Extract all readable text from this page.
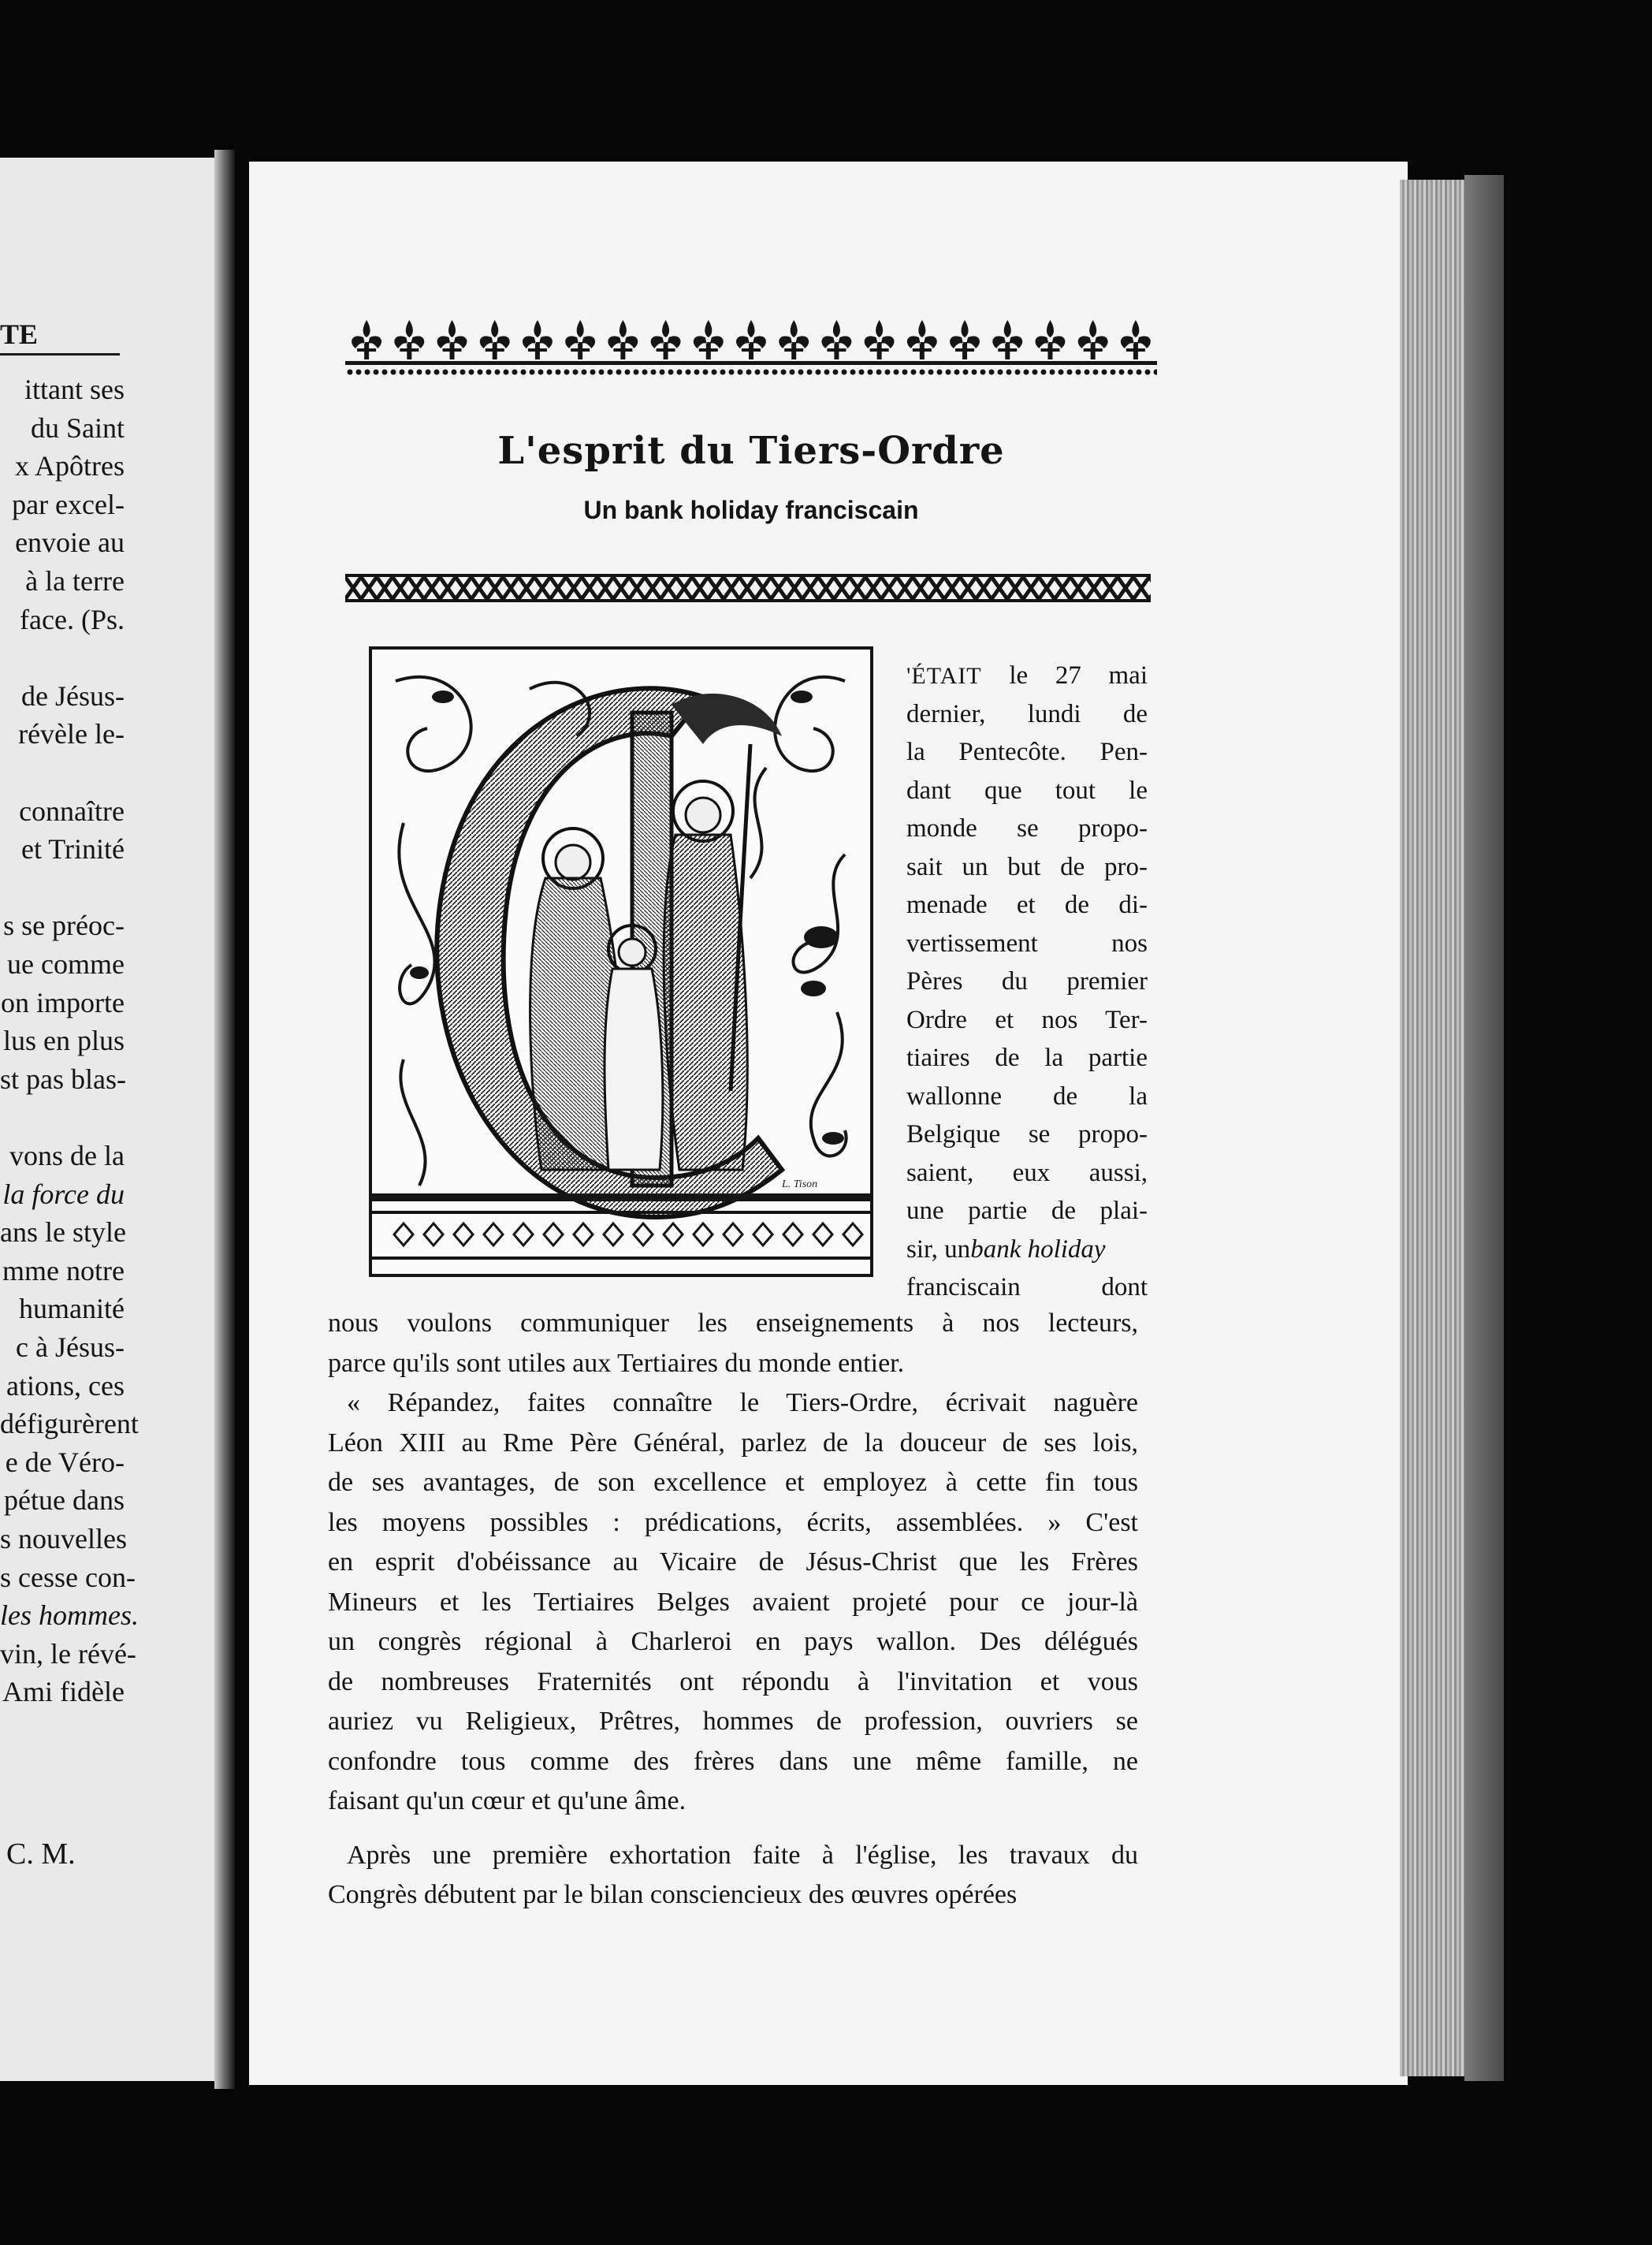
TE
ittant ses
du Saint
x Apôtres
par excel-
envoie au
à la terre
face. (Ps.
de Jésus-
révèle le-
connaître
et Trinité
s se préoc-
ue comme
on importe
lus en plus
st pas blas-
vons de la
la force du
ans le style
mme notre
humanité
c à Jésus-
ations, ces
défigurèrent
e de Véro-
pétue dans
s nouvelles
s cesse con-
les hommes.
vin, le révé-
Ami fidèle
C. M.
L'esprit du Tiers-Ordre
Un bank holiday franciscain
L. Tison
'ÉTAIT le 27 mai
dernier, lundi de
la Pentecôte. Pen-
dant que tout le
monde se propo-
sait un but de pro-
menade et de di-
vertissement nos
Pères du premier
Ordre et nos Ter-
tiaires de la partie
wallonne de la
Belgique se propo-
saient, eux aussi,
une partie de plai-
sir, unbank holiday
franciscain dont
nous voulons communiquer les enseignements à nos lecteurs,
parce qu'ils sont utiles aux Tertiaires du monde entier.
« Répandez, faites connaître le Tiers-Ordre, écrivait naguère
Léon XIII au Rme Père Général, parlez de la douceur de ses lois,
de ses avantages, de son excellence et employez à cette fin tous
les moyens possibles : prédications, écrits, assemblées. » C'est
en esprit d'obéissance au Vicaire de Jésus-Christ que les Frères
Mineurs et les Tertiaires Belges avaient projeté pour ce jour-là
un congrès régional à Charleroi en pays wallon. Des délégués
de nombreuses Fraternités ont répondu à l'invitation et vous
auriez vu Religieux, Prêtres, hommes de profession, ouvriers se
confondre tous comme des frères dans une même famille, ne
faisant qu'un cœur et qu'une âme.
Après une première exhortation faite à l'église, les travaux du
Congrès débutent par le bilan consciencieux des œuvres opérées
